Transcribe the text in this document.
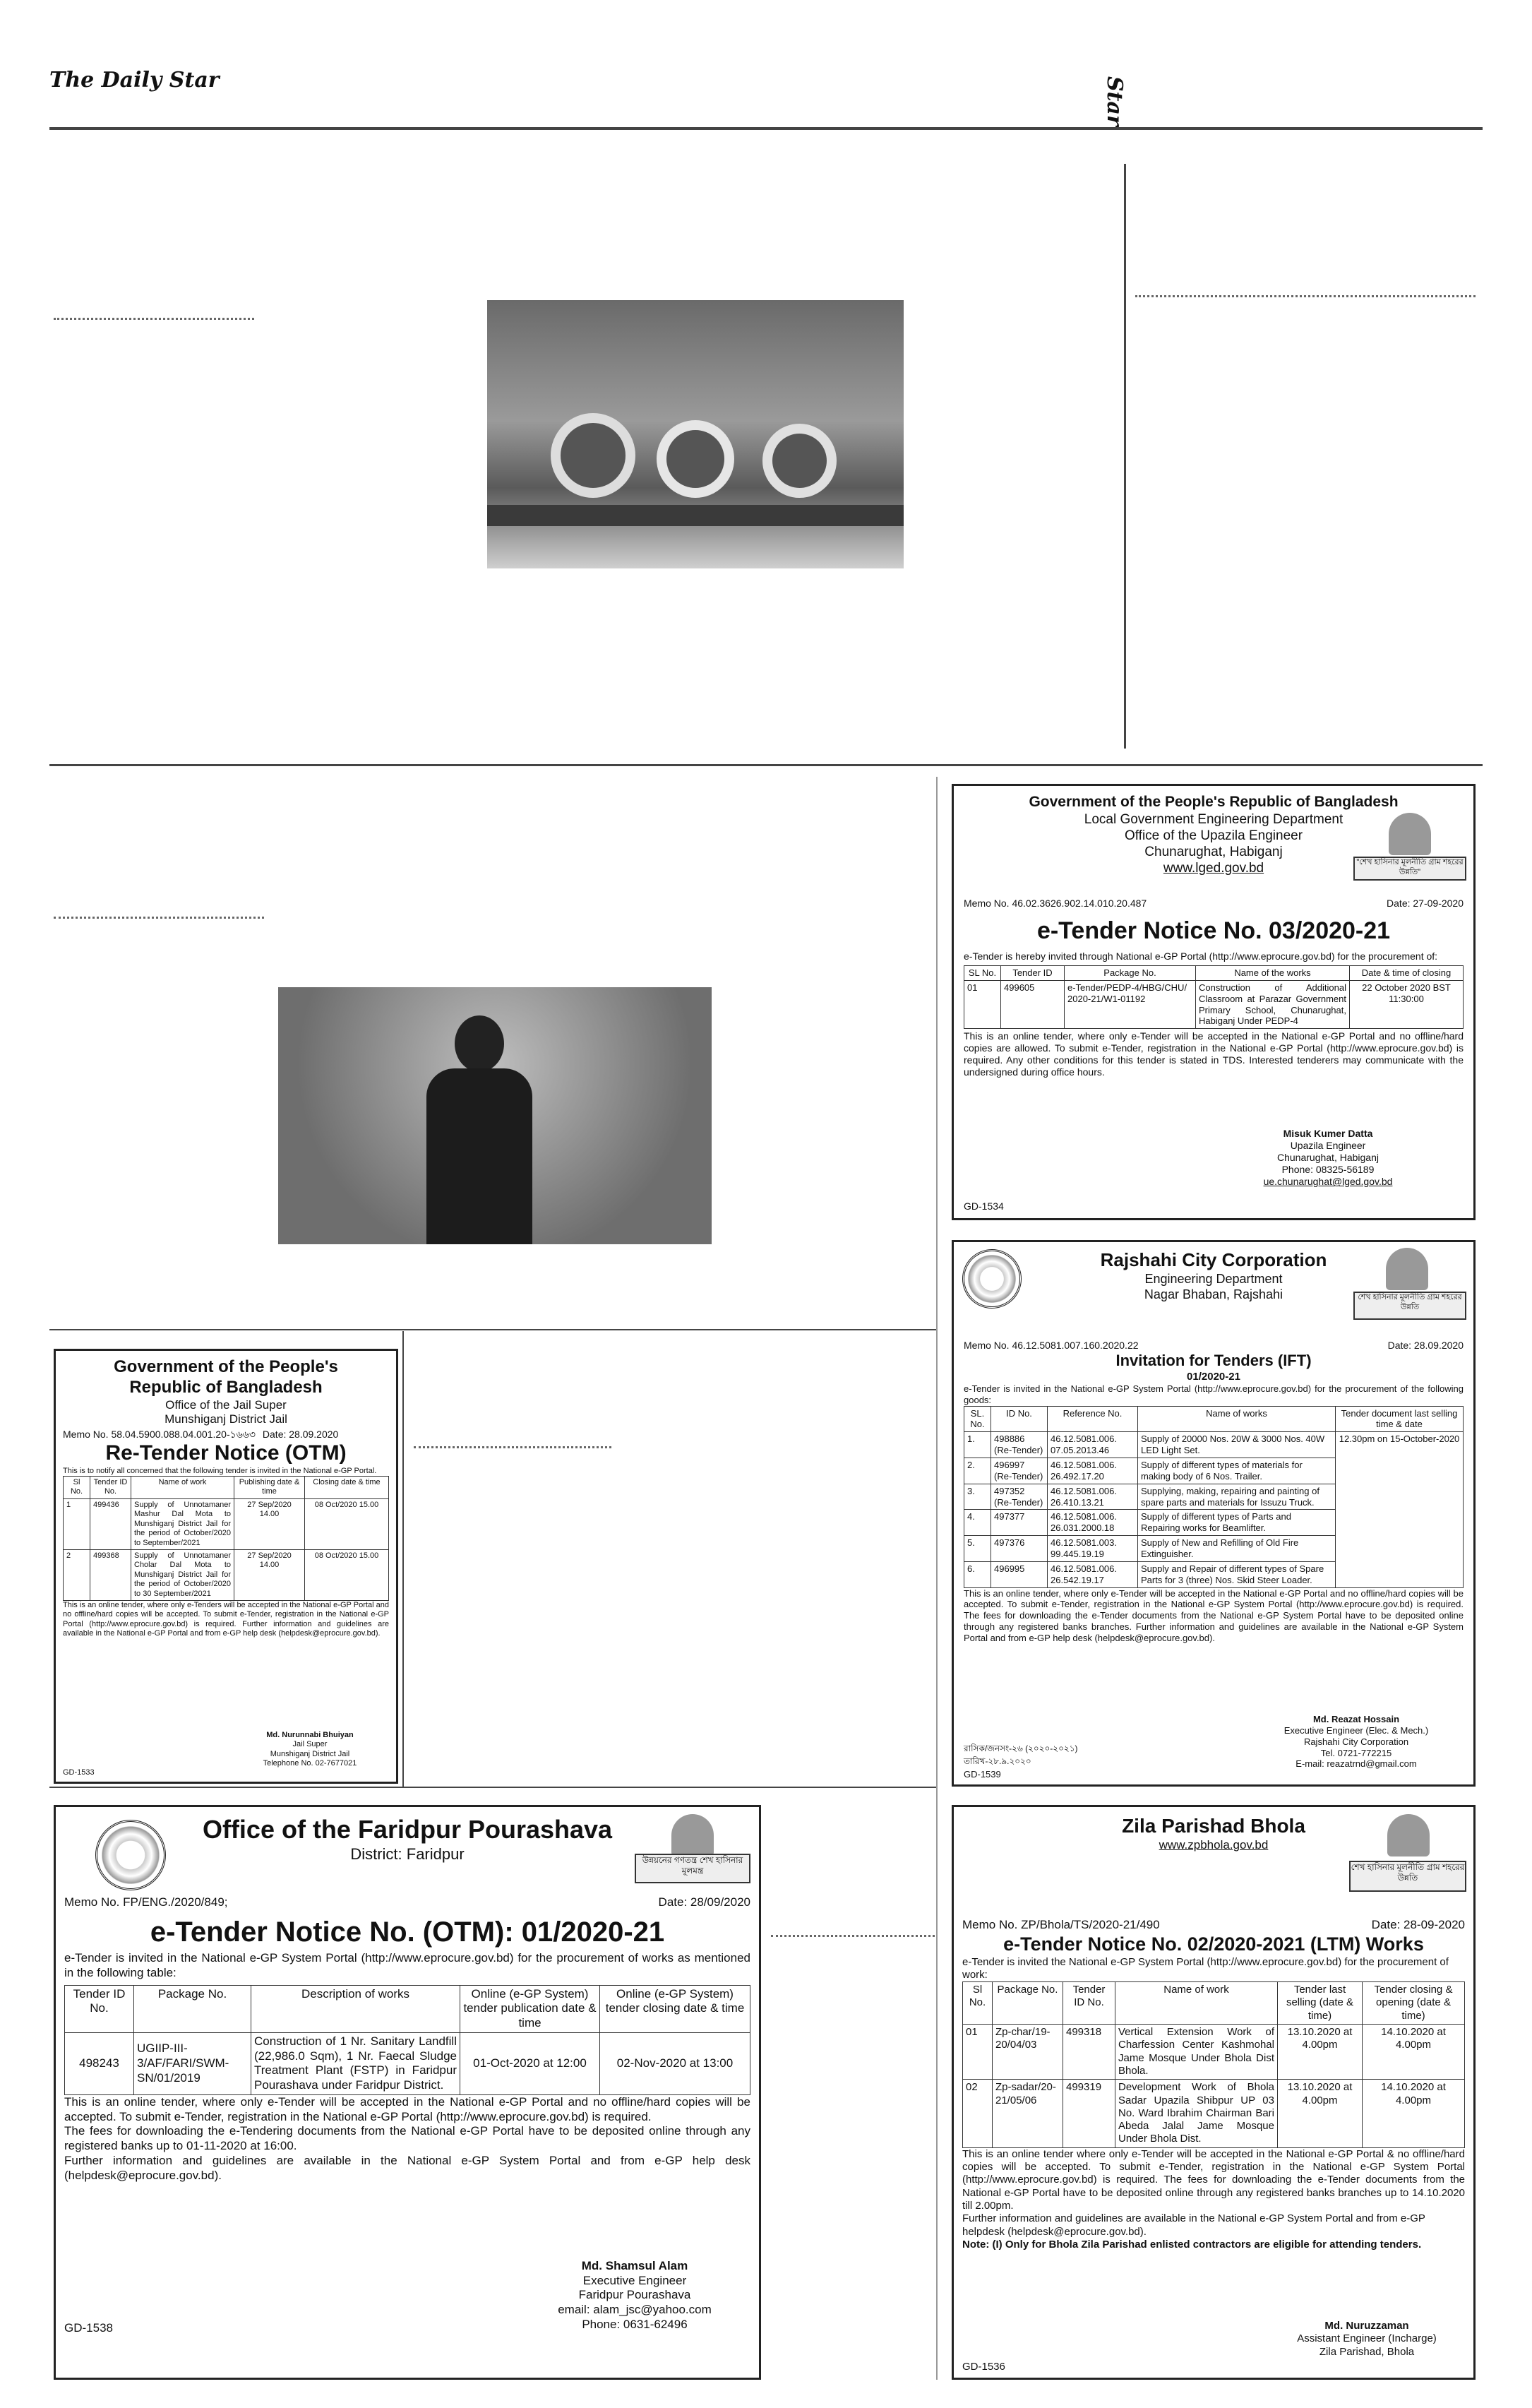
The Daily Star	Star
Government of the People's Republic of Bangladesh
Local Government Engineering Department
Office of the Upazila Engineer
Chunarughat, Habiganj
www.lged.gov.bd	"শেখ হাসিনার মূলনীতি গ্রাম শহরের উন্নতি"
Memo No. 46.02.3626.902.14.010.20.487	Date: 27-09-2020
e-Tender Notice No. 03/2020-21
e-Tender is hereby invited through National e-GP Portal (http://www.eprocure.gov.bd) for the procurement of:
SL No.	Tender ID	Package No.	Name of the works	Date & time of closing
01	499605	e-Tender/PEDP-4/HBG/CHU/ 2020-21/W1-01192	Construction of Additional Classroom at Parazar Government Primary School, Chunarughat, Habiganj Under PEDP-4	22 October 2020 BST 11:30:00
This is an online tender, where only e-Tender will be accepted in the National e-GP Portal and no offline/hard copies are allowed. To submit e-Tender, registration in the National e-GP Portal (http://www.eprocure.gov.bd) is required. Any other conditions for this tender is stated in TDS. Interested tenderers may communicate with the undersigned during office hours.
Misuk Kumer Datta
Upazila Engineer
Chunarughat, Habiganj
Phone: 08325-56189
ue.chunarughat@lged.gov.bd
GD-1534
Rajshahi City Corporation
Engineering Department
Nagar Bhaban, Rajshahi	শেখ হাসিনার মূলনীতি গ্রাম শহরের উন্নতি
Memo No. 46.12.5081.007.160.2020.22	Date: 28.09.2020
Invitation for Tenders (IFT)
01/2020-21
e-Tender is invited in the National e-GP System Portal (http://www.eprocure.gov.bd) for the procurement of the following goods:
SL. No.	ID No.	Reference No.	Name of works	Tender document last selling time & date
1.	498886 (Re-Tender)	46.12.5081.006. 07.05.2013.46	Supply of 20000 Nos. 20W & 3000 Nos. 40W LED Light Set.	12.30pm on 15-October-2020
2.	496997 (Re-Tender)	46.12.5081.006. 26.492.17.20	Supply of different types of materials for making body of 6 Nos. Trailer.	
3.	497352 (Re-Tender)	46.12.5081.006. 26.410.13.21	Supplying, making, repairing and painting of spare parts and materials for Issuzu Truck.	
4.	497377	46.12.5081.006. 26.031.2000.18	Supply of different types of Parts and Repairing works for Beamlifter.	
5.	497376	46.12.5081.003. 99.445.19.19	Supply of New and Refilling of Old Fire Extinguisher.	
6.	496995	46.12.5081.006. 26.542.19.17	Supply and Repair of different types of Spare Parts for 3 (three) Nos. Skid Steer Loader.	
This is an online tender, where only e-Tender will be accepted in the National e-GP Portal and no offline/hard copies will be accepted. To submit e-Tender, registration in the National e-GP System Portal (http://www.eprocure.gov.bd) is required. The fees for downloading the e-Tender documents from the National e-GP System Portal have to be deposited online through any registered banks branches. Further information and guidelines are available in the National e-GP System Portal and from e-GP help desk (helpdesk@eprocure.gov.bd).
Md. Reazat Hossain
Executive Engineer (Elec. & Mech.)
Rajshahi City Corporation
Tel. 0721-772215
E-mail: reazatrnd@gmail.com
রাসিক/জনসং-২৬ (২০২০-২০২১)
তারিখ-২৮.৯.২০২০
GD-1539
Government of the People's
Republic of Bangladesh
Office of the Jail Super
Munshiganj District Jail
Memo No. 58.04.5900.088.04.001.20-১৬৬৩ Date: 28.09.2020
Re-Tender Notice (OTM)
This is to notify all concerned that the following tender is invited in the National e-GP Portal.
Sl No.	Tender ID No.	Name of work	Publishing date & time	Closing date & time
1	499436	Supply of Unnotamaner Mashur Dal Mota to Munshiganj District Jail for the period of October/2020 to September/2021	27 Sep/2020 14.00	08 Oct/2020 15.00
2	499368	Supply of Unnotamaner Cholar Dal Mota to Munshiganj District Jail for the period of October/2020 to 30 September/2021	27 Sep/2020 14.00	08 Oct/2020 15.00
This is an online tender, where only e-Tenders will be accepted in the National e-GP Portal and no offline/hard copies will be accepted. To submit e-Tender, registration in the National e-GP Portal (http://www.eprocure.gov.bd) is required. Further information and guidelines are available in the National e-GP Portal and from e-GP help desk (helpdesk@eprocure.gov.bd).
Md. Nurunnabi Bhuiyan
Jail Super
Munshiganj District Jail
Telephone No. 02-7677021
GD-1533
Office of the Faridpur Pourashava
District: Faridpur	উন্নয়নের গণতন্ত্র শেখ হাসিনার মূলমন্ত্র
Memo No. FP/ENG./2020/849;	Date: 28/09/2020
e-Tender Notice No. (OTM): 01/2020-21
e-Tender is invited in the National e-GP System Portal (http://www.eprocure.gov.bd) for the procurement of works as mentioned in the following table:
Tender ID No.	Package No.	Description of works	Online (e-GP System) tender publication date & time	Online (e-GP System) tender closing date & time
498243	UGIIP-III-3/AF/FARI/SWM-SN/01/2019	Construction of 1 Nr. Sanitary Landfill (22,986.0 Sqm), 1 Nr. Faecal Sludge Treatment Plant (FSTP) in Faridpur Pourashava under Faridpur District.	01-Oct-2020 at 12:00	02-Nov-2020 at 13:00
This is an online tender, where only e-Tender will be accepted in the National e-GP Portal and no offline/hard copies will be accepted. To submit e-Tender, registration in the National e-GP Portal (http://www.eprocure.gov.bd) is required.
The fees for downloading the e-Tendering documents from the National e-GP Portal have to be deposited online through any registered banks up to 01-11-2020 at 16:00.
Further information and guidelines are available in the National e-GP System Portal and from e-GP help desk (helpdesk@eprocure.gov.bd).
Md. Shamsul Alam
Executive Engineer
Faridpur Pourashava
email: alam_jsc@yahoo.com
Phone: 0631-62496
GD-1538
Zila Parishad Bhola
www.zpbhola.gov.bd
শেখ হাসিনার মূলনীতি গ্রাম শহরের উন্নতি
Memo No. ZP/Bhola/TS/2020-21/490	Date: 28-09-2020
e-Tender Notice No. 02/2020-2021 (LTM) Works
e-Tender is invited the National e-GP System Portal (http://www.eprocure.gov.bd) for the procurement of work:
Sl No.	Package No.	Tender ID No.	Name of work	Tender last selling (date & time)	Tender closing & opening (date & time)
01	Zp-char/19-20/04/03	499318	Vertical Extension Work of Charfession Center Kashmohal Jame Mosque Under Bhola Dist Bhola.	13.10.2020 at 4.00pm	14.10.2020 at 4.00pm
02	Zp-sadar/20-21/05/06	499319	Development Work of Bhola Sadar Upazila Shibpur UP 03 No. Ward Ibrahim Chairman Bari Abeda Jalal Jame Mosque Under Bhola Dist.	13.10.2020 at 4.00pm	14.10.2020 at 4.00pm
This is an online tender where only e-Tender will be accepted in the National e-GP Portal & no offline/hard copies will be accepted. To submit e-Tender, registration in the National e-GP System Portal (http://www.eprocure.gov.bd) is required. The fees for downloading the e-Tender documents from the National e-GP Portal have to be deposited online through any registered banks branches up to 14.10.2020 till 2.00pm.
Further information and guidelines are available in the National e-GP System Portal and from e-GP helpdesk (helpdesk@eprocure.gov.bd).
Note: (I) Only for Bhola Zila Parishad enlisted contractors are eligible for attending tenders.
Md. Nuruzzaman
Assistant Engineer (Incharge)
Zila Parishad, Bhola
GD-1536
